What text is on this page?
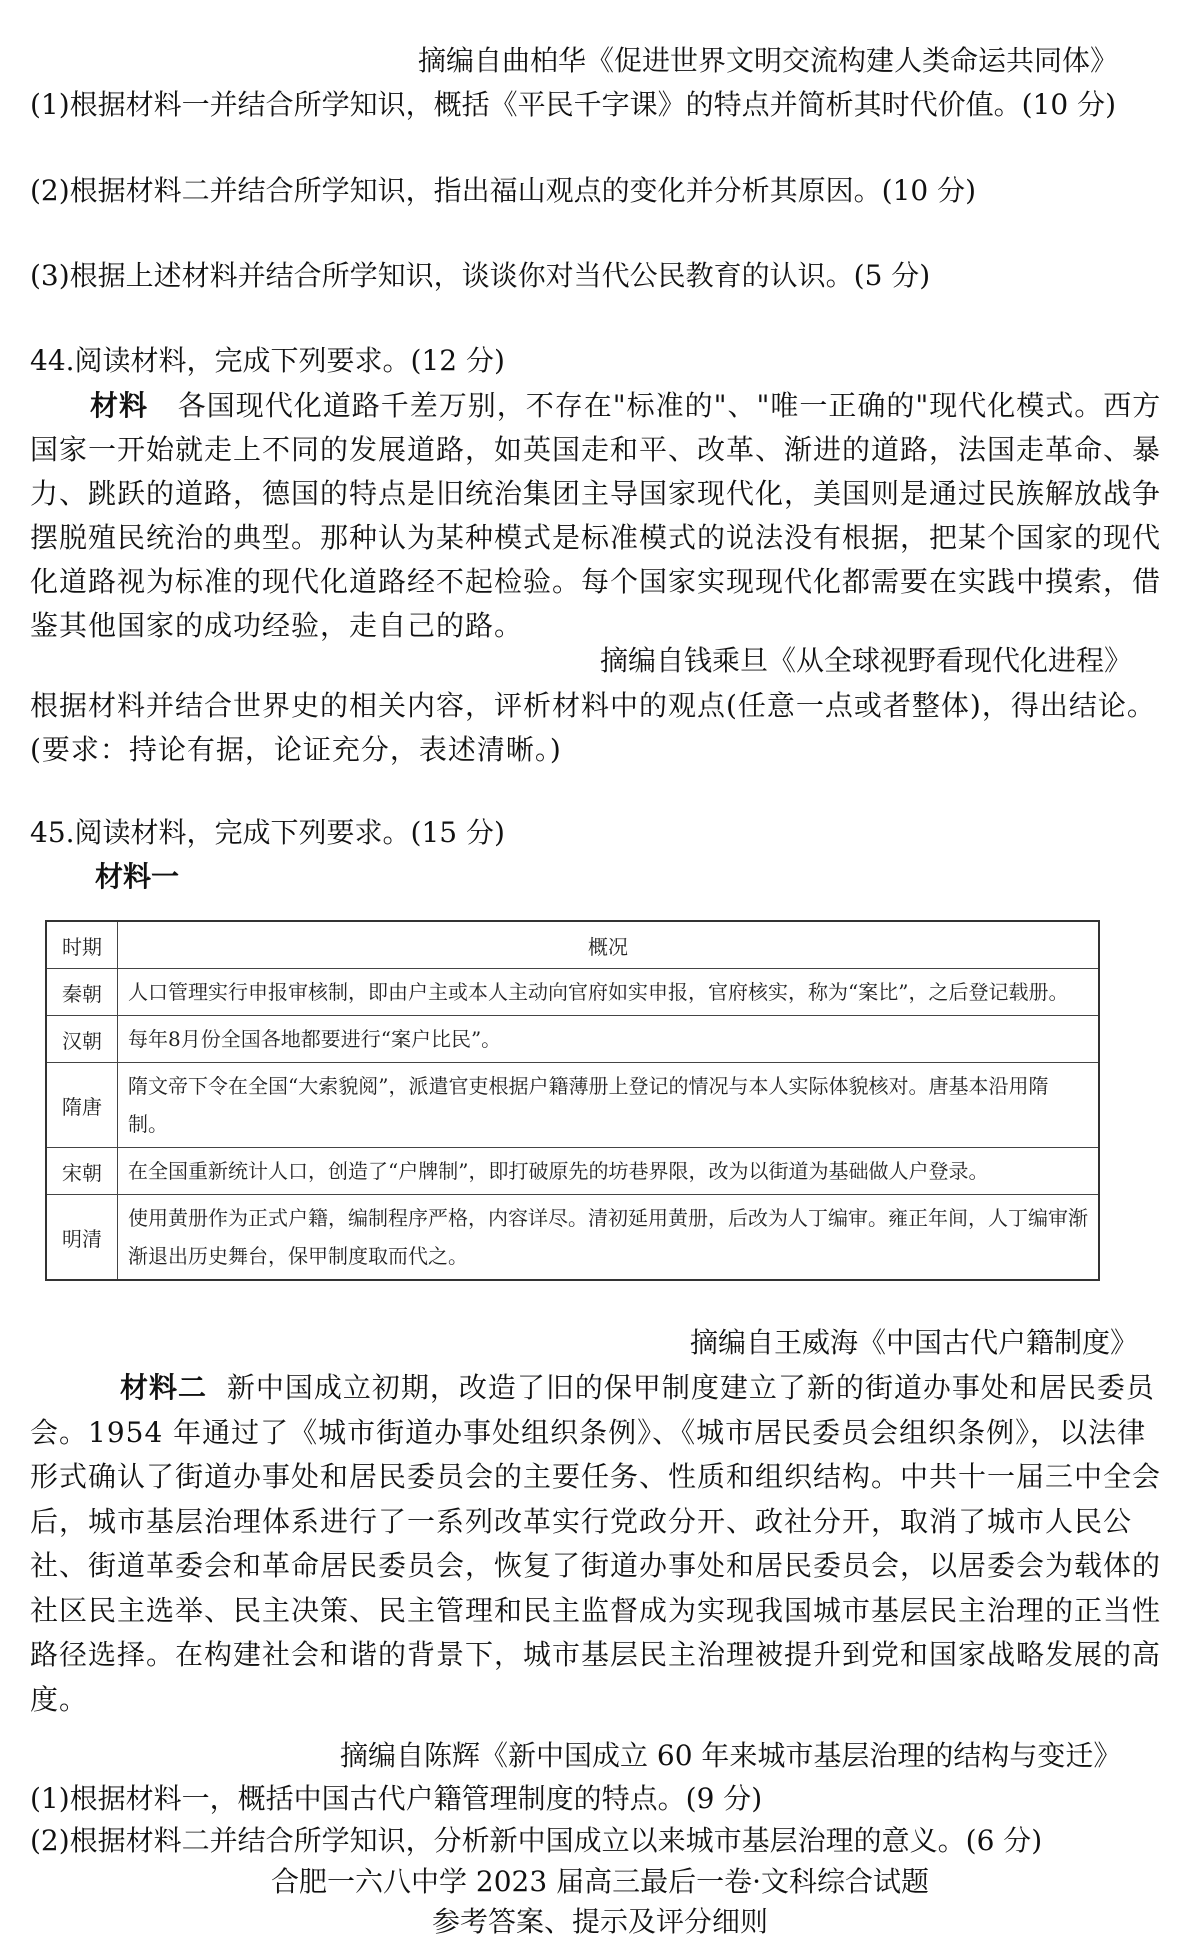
摘编自曲柏华《促进世界文明交流构建人类命运共同体》
(1)根据材料一并结合所学知识，概括《平民千字课》的特点并简析其时代价值。(10 分)
(2)根据材料二并结合所学知识，指出福山观点的变化并分析其原因。(10 分)
(3)根据上述材料并结合所学知识，谈谈你对当代公民教育的认识。(5 分)
44.阅读材料，完成下列要求。(12 分)
材料 各国现代化道路千差万别，不存在"标准的"、"唯一正确的"现代化模式。西方国家一开始就走上不同的发展道路，如英国走和平、改革、渐进的道路，法国走革命、暴力、跳跃的道路，德国的特点是旧统治集团主导国家现代化，美国则是通过民族解放战争摆脱殖民统治的典型。那种认为某种模式是标准模式的说法没有根据，把某个国家的现代化道路视为标准的现代化道路经不起检验。每个国家实现现代化都需要在实践中摸索，借鉴其他国家的成功经验，走自己的路。
摘编自钱乘旦《从全球视野看现代化进程》
根据材料并结合世界史的相关内容，评析材料中的观点(任意一点或者整体)，得出结论。(要求：持论有据，论证充分，表述清晰。)
45.阅读材料，完成下列要求。(15 分)
材料一
时期	概况
秦朝	人口管理实行申报审核制，即由户主或本人主动向官府如实申报，官府核实，称为“案比”，之后登记载册。
汉朝	每年8月份全国各地都要进行“案户比民”。
隋唐	隋文帝下令在全国“大索貌阅”，派遣官吏根据户籍薄册上登记的情况与本人实际体貌核对。唐基本沿用隋制。
宋朝	在全国重新统计人口，创造了“户牌制”，即打破原先的坊巷界限，改为以街道为基础做人户登录。
明清	使用黄册作为正式户籍，编制程序严格，内容详尽。清初延用黄册，后改为人丁编审。雍正年间，人丁编审渐渐退出历史舞台，保甲制度取而代之。
摘编自王威海《中国古代户籍制度》
材料二 新中国成立初期，改造了旧的保甲制度建立了新的街道办事处和居民委员会。1954 年通过了《城市街道办事处组织条例》、《城市居民委员会组织条例》，以法律形式确认了街道办事处和居民委员会的主要任务、性质和组织结构。中共十一届三中全会后，城市基层治理体系进行了一系列改革实行党政分开、政社分开，取消了城市人民公社、街道革委会和革命居民委员会，恢复了街道办事处和居民委员会，以居委会为载体的社区民主选举、民主决策、民主管理和民主监督成为实现我国城市基层民主治理的正当性路径选择。在构建社会和谐的背景下，城市基层民主治理被提升到党和国家战略发展的高度。
摘编自陈辉《新中国成立 60 年来城市基层治理的结构与变迁》
(1)根据材料一，概括中国古代户籍管理制度的特点。(9 分)
(2)根据材料二并结合所学知识，分析新中国成立以来城市基层治理的意义。(6 分)
合肥一六八中学 2023 届高三最后一卷·文科综合试题
参考答案、提示及评分细则
